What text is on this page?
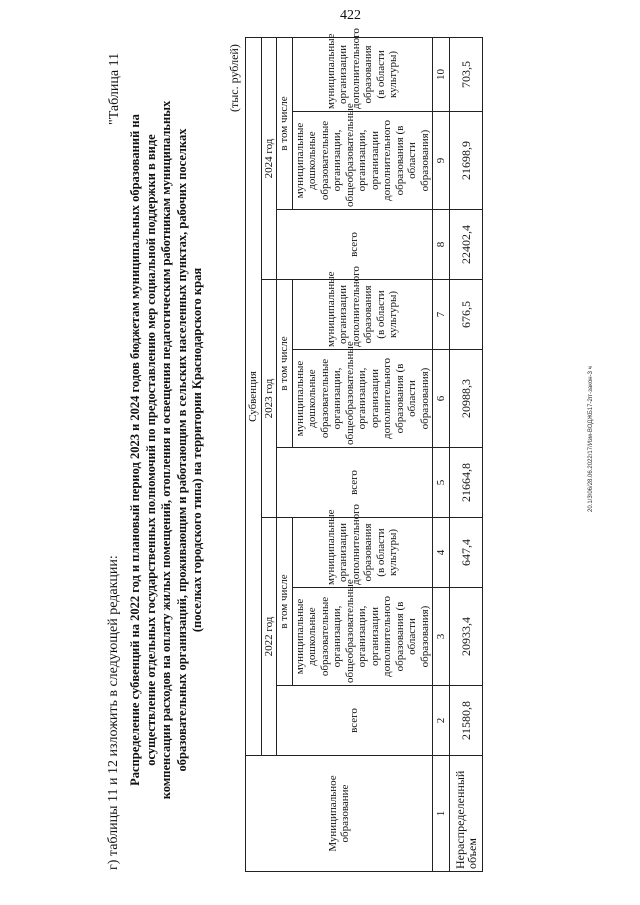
422
20.1/3\06/28.06.2022/17/Изм-ВОДЖБ17-2гг-закон-3 ч
г) таблицы 11 и 12 изложить в следующей редакции:
"Таблица 11
Распределение субвенций на 2022 год и плановый период 2023 и 2024 годов бюджетам муниципальных образований на осуществление отдельных государственных полномочий по предоставлению мер социальной поддержки в виде компенсации расходов на оплату жилых помещений, отопления и освещения педагогическим работникам муниципальных образовательных организаций, проживающим и работающим в сельских населенных пунктах, рабочих поселках (поселках городского типа) на территории Краснодарского края
(тыс. рублей)
Муниципальное образование	Субвенция								
	2022 год			2023 год			2024 год		
	всего	в том числе		всего	в том числе		всего	в том числе	
		муниципальные дошкольные образовательные организации, общеобразовательные организации, организации дополнительного образования (в области образования)	муниципальные организации дополнительного образования (в области культуры)		муниципальные дошкольные образовательные организации, общеобразовательные организации, организации дополнительного образования (в области образования)	муниципальные организации дополнительного образования (в области культуры)		муниципальные дошкольные образовательные организации, общеобразовательные организации, организации дополнительного образования (в области образования)	муниципальные организации дополнительного образования (в области культуры)
1	2	3	4	5	6	7	8	9	10
Нераспределенный объем	21580,8	20933,4	647,4	21664,8	20988,3	676,5	22402,4	21698,9	703,5
